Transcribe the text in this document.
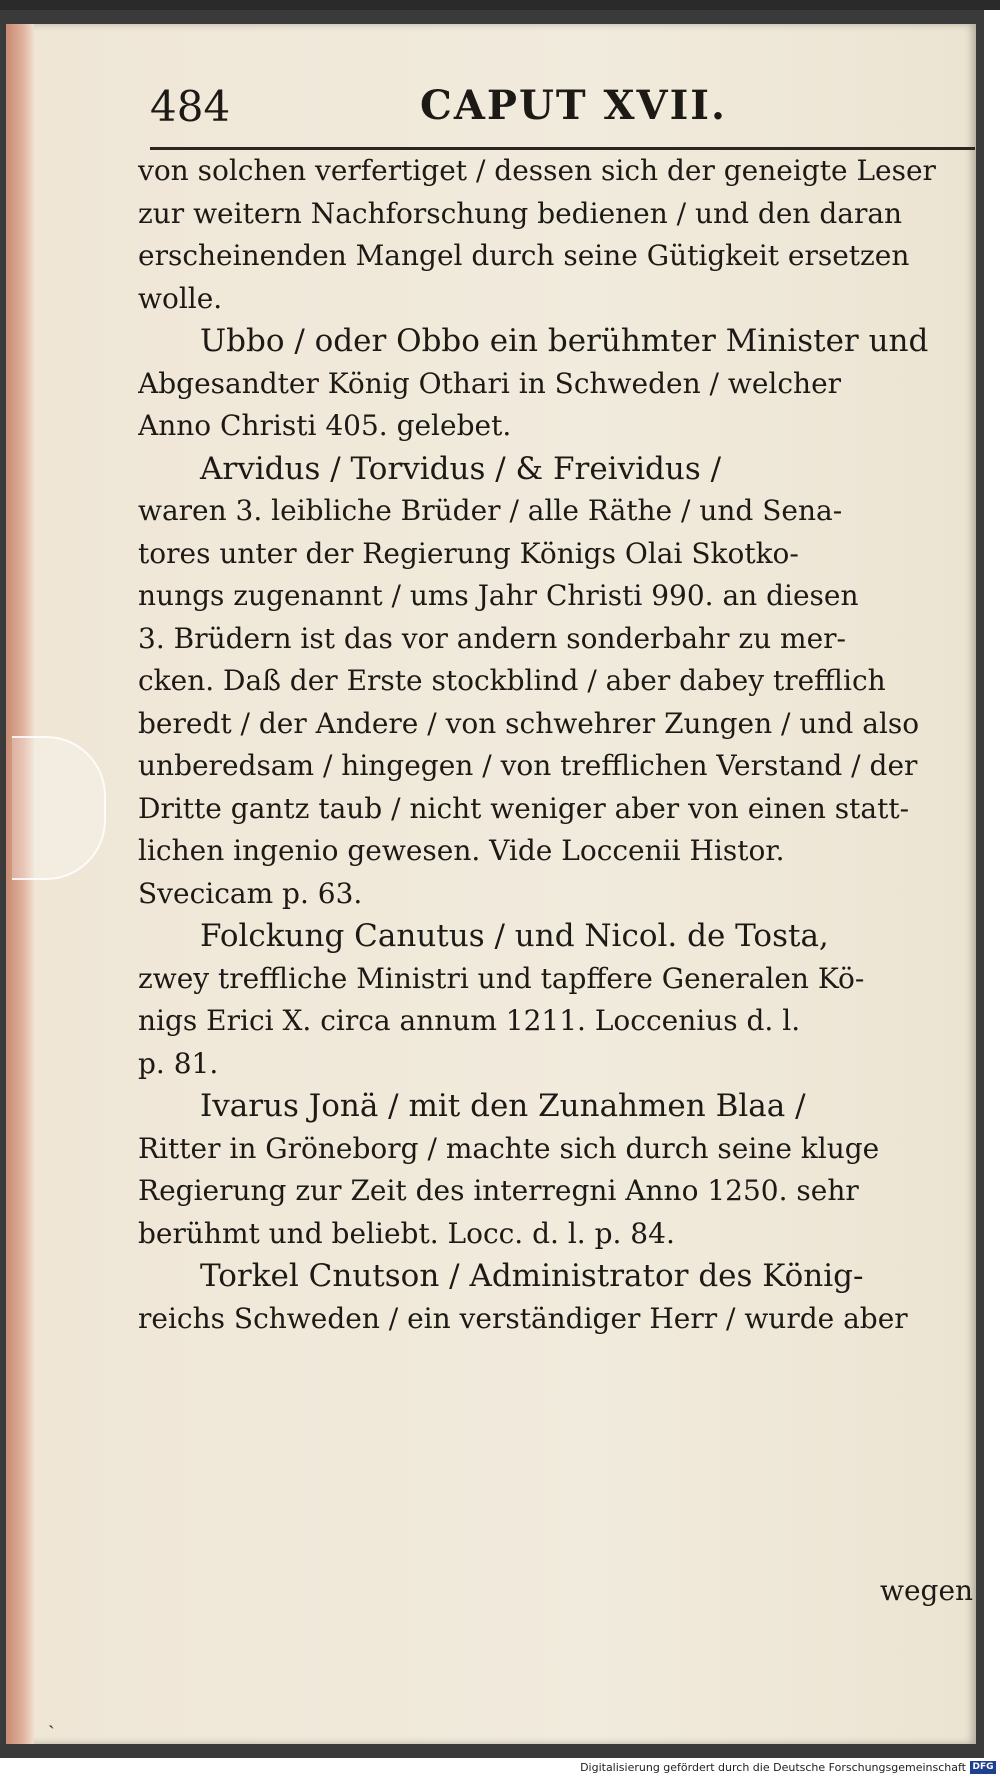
484	CAPUT XVII.
von solchen verfertiget / dessen sich der geneigte Leser
zur weitern Nachforschung bedienen / und den daran
erscheinenden Mangel durch seine Gütigkeit ersetzen
wolle.
Ubbo / oder Obbo ein berühmter Minister und
Abgesandter König Othari in Schweden / welcher
Anno Christi 405. gelebet.
Arvidus / Torvidus / & Freividus /
waren 3. leibliche Brüder / alle Räthe / und Sena-
tores unter der Regierung Königs Olai Skotko-
nungs zugenannt / ums Jahr Christi 990. an diesen
3. Brüdern ist das vor andern sonderbahr zu mer-
cken. Daß der Erste stockblind / aber dabey trefflich
beredt / der Andere / von schwehrer Zungen / und also
unberedsam / hingegen / von trefflichen Verstand / der
Dritte gantz taub / nicht weniger aber von einen statt-
lichen ingenio gewesen. Vide Loccenii Histor.
Svecicam p. 63.
Folckung Canutus / und Nicol. de Tosta,
zwey treffliche Ministri und tapffere Generalen Kö-
nigs Erici X. circa annum 1211. Loccenius d. l.
p. 81.
Ivarus Jonä / mit den Zunahmen Blaa /
Ritter in Gröneborg / machte sich durch seine kluge
Regierung zur Zeit des interregni Anno 1250. sehr
berühmt und beliebt. Locc. d. l. p. 84.
Torkel Cnutson / Administrator des König-
reichs Schweden / ein verständiger Herr / wurde aber
wegen
ˏ
Digitalisierung gefördert durch die Deutsche Forschungsgemeinschaft DFG
